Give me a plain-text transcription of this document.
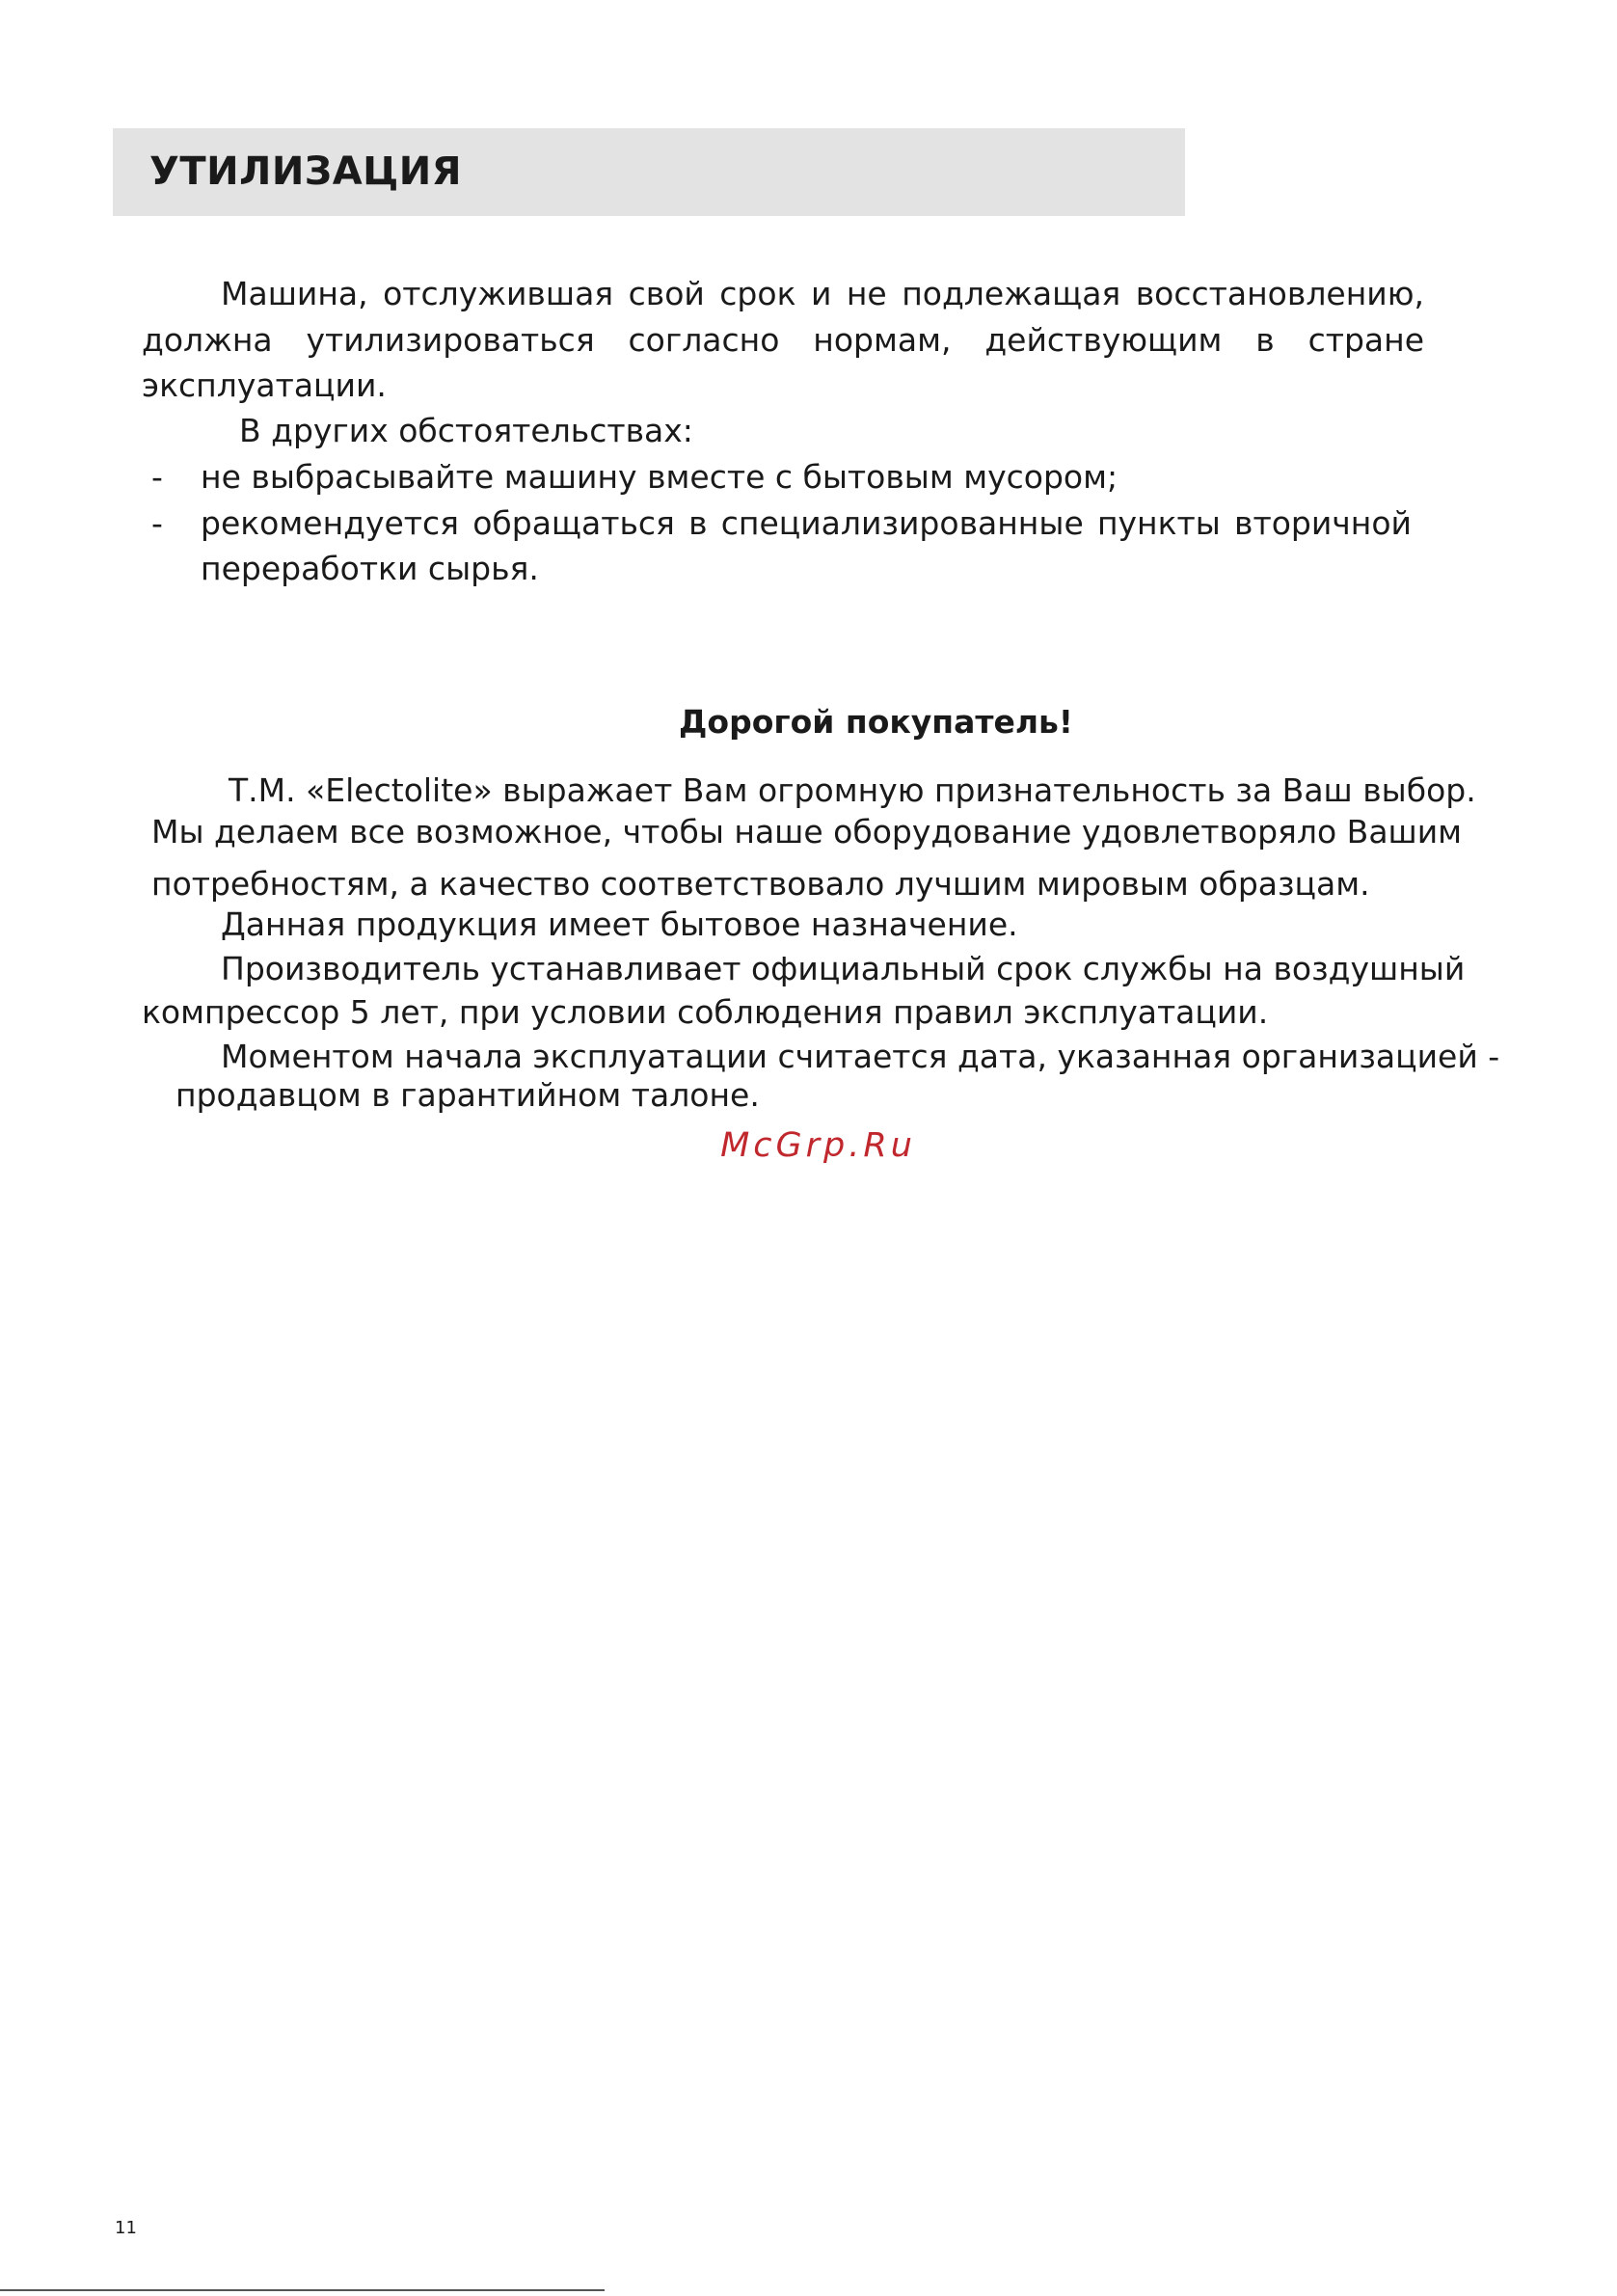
УТИЛИЗАЦИЯ
Машина, отслужившая свой срок и не подлежащая восстановлению,
должна утилизироваться согласно нормам, действующим в стране
эксплуатации.
В других обстоятельствах:
- не выбрасывайте машину вместе с бытовым мусором;
- рекомендуется обращаться в специализированные пункты вторичной
переработки сырья.
Дорогой покупатель!
Т.М. «Electolite» выражает Вам огромную признательность за Ваш выбор.
Мы делаем все возможное, чтобы наше оборудование удовлетворяло Вашим
потребностям, а качество соответствовало лучшим мировым образцам.
Данная продукция имеет бытовое назначение.
Производитель устанавливает официальный срок службы на воздушный
компрессор 5 лет, при условии соблюдения правил эксплуатации.
Моментом начала эксплуатации считается дата, указанная организацией -
продавцом в гарантийном талоне.
McGrp.Ru
11
